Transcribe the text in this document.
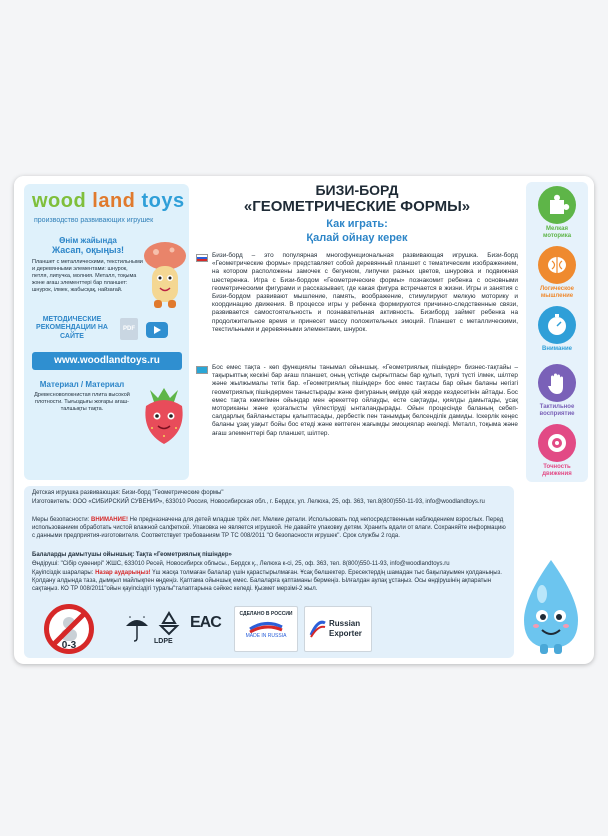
wood land toys
производство развивающих игрушек
Өнім жайында
Жасап, оқыңыз!
Планшет с металлическими, текстильными и деревянными элементами: шнурок, петля, липучка, молния. Металл, тоқыма және ағаш элементтері бар планшет: шнурок, ілмек, жабысқақ, найзағай.
МЕТОДИЧЕСКИЕ РЕКОМЕНДАЦИИ НА САЙТЕ
PDF
www.woodlandtoys.ru
Материал / Материал
Древесноволокнистая плита высокой плотности. Тығыздығы жоғары ағаш-талшықты тақта.
БИЗИ-БОРД
«ГЕОМЕТРИЧЕСКИЕ ФОРМЫ»
Как играть:
Қалай ойнау керек
Бизи-борд – это популярная многофункциональная развивающая игрушка. Бизи-борд «Геометрические формы» представляет собой деревянный планшет с тематическим изображением, на котором расположены замочек с бегунком, липучки разных цветов, шнуровка и подвижная шестеренка. Игра с Бизи-бордом «Геометрические формы» познакомит ребенка с основными геометрическими фигурами и рассказывает, где какая фигура встречается в жизни. Игры и занятия с Бизи-бордом развивают мышление, память, воображение, стимулируют мелкую моторику и координацию движения. В процессе игры у ребенка формируются причинно-следственные связи, развивается самостоятельность и познавательная активность. Бизиборд займет ребенка на продолжительное время и принесет массу положительных эмоций. Планшет с металлическими, текстильными и деревянными элементами, шнурок.
Бос емес тақта - көп функциялы танымал ойыншық. «Геометриялық пішіндер» бизнес-тақтайы – тақырыптық кескіні бар ағаш планшет, оның үстінде сырғытпасы бар құлып, түрлі түсті ілмек, шілтер және жылжымалы тетік бар. «Геометриялық пішіндер» бос емес тақтасы бар ойын баланы негізгі геометриялық пішіндермен таныстырады және фигураның өмірде қай жерде кездесетінін айтады. Бос емес тақта көмегімен ойындар мен әрекеттер ойлауды, есте сақтауды, қиялды дамытады, ұсақ моториканы және қозғалысты үйлестіруді ынталандырады. Ойын процесінде баланың себеп-салдарлық байланыстары қалыптасады, дербестік пен танымдық белсенділік дамиды. Іскерлік кеңес баланы ұзақ уақыт бойы бос етеді және көптеген жағымды эмоциялар әкеледі. Металл, тоқыма және ағаш элементтері бар планшет, шілтер.
Мелкая моторика
Логическое мышление
Внимание
Тактильное восприятие
Точность движения
Детская игрушка развивающая: Бизи-борд "Геометрические формы"
Изготовитель: ООО «СИБИРСКИЙ СУВЕНИР», 633010 Россия, Новосибирская обл., г. Бердск, ул. Лелюха, 25, оф. 363, тел.8(800)550-11-93, info@woodlandtoys.ru
Меры безопасности: ВНИМАНИЕ! Не предназначена для детей младше трёх лет. Мелкие детали. Использовать под непосредственным наблюдением взрослых. Перед использованием обработать чистой влажной салфеткой. Упаковка не является игрушкой. Не давайте упаковку детям. Хранить вдали от влаги. Сохраняйте информацию с данными предприятия-изготовителя. Соответствует требованиям ТР ТС 008/2011 "О безопасности игрушек". Срок службы 2 года.
Балаларды дамытушы ойыншық: Тақта «Геометриялық пішіндер»
Өндіруші: "Сібір сувенирі" ЖШС, 633010 Ресей, Новосибирск облысы., Бердск қ., Лелюха к-сі, 25, оф. 363, тел. 8(800)550-11-93, info@woodlandtoys.ru
Қауіпсіздік шаралары: Назар аударыңыз! Үш жасқа толмаған балалар үшін қарастырылмаған. Ұсақ бөлшектер. Ересектердің шамадан тыс бақылауымен қолданыңыз. Қолдану алдында таза, дымқыл майлықпен өңдеңіз. Қаптама ойыншық емес. Балаларға қаптаманы бермеңіз. Ылғалдан аулақ ұстаңыз. Осы өндірушінің ақпаратын сақтаңыз. КО ТР 008/2011"ойын қауіпсіздігі туралы"талаптарына сәйкес келеді. Қызмет мерзімі-2 жыл.
0-3	LDPE
EAC	СДЕЛАНО В РОССИИ
MADE IN RUSSIA
Russian
Exporter
